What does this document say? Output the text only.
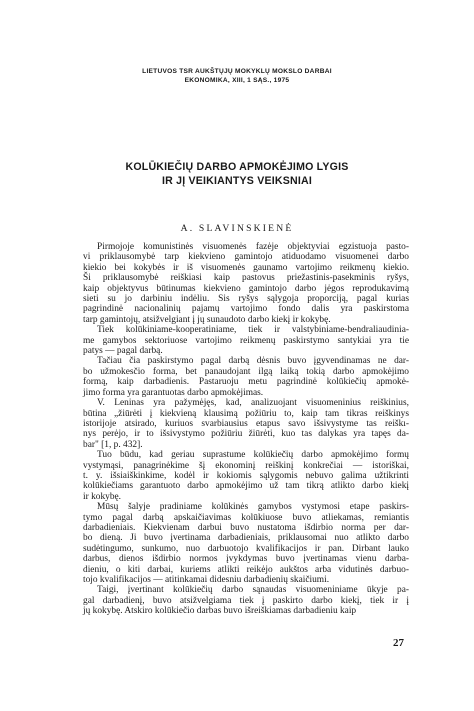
LIETUVOS TSR AUKŠTŲJŲ MOKYKLŲ MOKSLO DARBAI
EKONOMIKA, XIII, 1 SĄS., 1975
KOLŪKIEČIŲ DARBO APMOKĖJIMO LYGIS
IR JĮ VEIKIANTYS VEIKSNIAI
A. SLAVINSKIENĖ

Pirmojoje komunistinės visuomenės fazėje objektyviai egzistuoja pasto-
vi priklausomybė tarp kiekvieno gamintojo atiduodamo visuomenei darbo
kiekio bei kokybės ir iš visuomenės gaunamo vartojimo reikmenų kiekio.
Ši priklausomybė reiškiasi kaip pastovus priežastinis-pasekminis ryšys,
kaip objektyvus būtinumas kiekvieno gamintojo darbo jėgos reprodukavimą
sieti su jo darbiniu indėliu. Sis ryšys sąlygoja proporciją, pagal kurias
pagrindinė nacionalinių pajamų vartojimo fondo dalis yra paskirstoma
tarp gamintojų, atsižvelgiant į jų sunaudoto darbo kiekį ir kokybę.

Tiek kolūkiniame-kooperatiniame, tiek ir valstybiniame-bendraliaudinia-
me gamybos sektoriuose vartojimo reikmenų paskirstymo santykiai yra tie
patys — pagal darbą.

Tačiau čia paskirstymo pagal darbą dėsnis buvo įgyvendinamas ne dar-
bo užmokesčio forma, bet panaudojant ilgą laiką tokią darbo apmokėjimo
formą, kaip darbadienis. Pastaruoju metu pagrindinė kolūkiečių apmokė-
jimo forma yra garantuotas darbo apmokėjimas.

V. Leninas yra pažymėjęs, kad, analizuojant visuomeninius reiškinius,
būtina „žiūrėti į kiekvieną klausimą požiūriu to, kaip tam tikras reiškinys
istorijoje atsirado, kuriuos svarbiausius etapus savo išsivystyme tas reiškı-
nys perėjo, ir to išsivystymo požiūriu žiūrėti, kuo tas dalykas yra tapęs da-
bar" [1, p. 432].

Tuo būdu, kad geriau suprastume kolūkiečių darbo apmokėjimo formų
vystymąsi, panagrinėkime šį ekonominį reiškinį konkrečiai — istoriškai,
t. y. išsiaiškinkime, kodėl ir kokiomis sąlygomis nebuvo galima užtikrinti
kolūkiečiams garantuoto darbo apmokėjimo už tam tikrą atlikto darbo kiekį
ir kokybę.

Mūsų šalyje pradiniame kolūkinės gamybos vystymosi etape paskirs-
tymo pagal darbą apskaičiavimas kolūkiuose buvo atliekamas, remiantis
darbadieniais. Kiekvienam darbui buvo nustatoma išdirbio norma per dar-
bo dieną. Ji buvo įvertinama darbadieniais, priklausomai nuo atlikto darbo
sudėtingumo, sunkumo, nuo darbuotojo kvalifikacijos ir pan. Dirbant lauko
darbus, dienos išdirbio normos įvykdymas buvo įvertinamas vienu darba-
dieniu, o kiti darbai, kuriems atlikti reikėjo aukštos arba vidutinės darbuo-
tojo kvalifikacijos — atitinkamai didesniu darbadienių skaičiumi.

Taigi, įvertinant kolūkiečių darbo sąnaudas visuomeniniame ūkyje pa-
gal darbadienį, buvo atsižvelgiama tiek į paskirto darbo kiekį, tiek ir į
jų kokybę. Atskiro kolūkiečio darbas buvo išreiškiamas darbadieniu kaip

27
